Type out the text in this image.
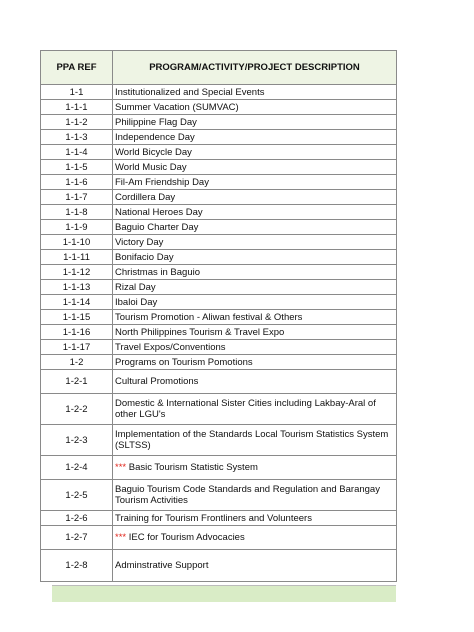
PPA REF	PROGRAM/ACTIVITY/PROJECT DESCRIPTION
1-1	Institutionalized and Special Events
1-1-1	Summer Vacation (SUMVAC)
1-1-2	Philippine Flag Day
1-1-3	Independence Day
1-1-4	World Bicycle Day
1-1-5	World Music Day
1-1-6	Fil-Am Friendship Day
1-1-7	Cordillera Day
1-1-8	National Heroes Day
1-1-9	Baguio Charter Day
1-1-10	Victory Day
1-1-11	Bonifacio Day
1-1-12	Christmas in Baguio
1-1-13	Rizal Day
1-1-14	Ibaloi Day
1-1-15	Tourism Promotion - Aliwan festival & Others
1-1-16	North Philippines Tourism & Travel Expo
1-1-17	Travel Expos/Conventions
1-2	Programs on Tourism Pomotions
1-2-1	Cultural Promotions
1-2-2	Domestic & International Sister Cities including Lakbay-Aral of other LGU's
1-2-3	Implementation of the Standards Local Tourism Statistics System (SLTSS)
1-2-4	*** Basic Tourism Statistic System
1-2-5	Baguio Tourism Code Standards and Regulation and Barangay Tourism Activities
1-2-6	Training for Tourism Frontliners and Volunteers
1-2-7	*** IEC for Tourism Advocacies
1-2-8	Adminstrative Support
